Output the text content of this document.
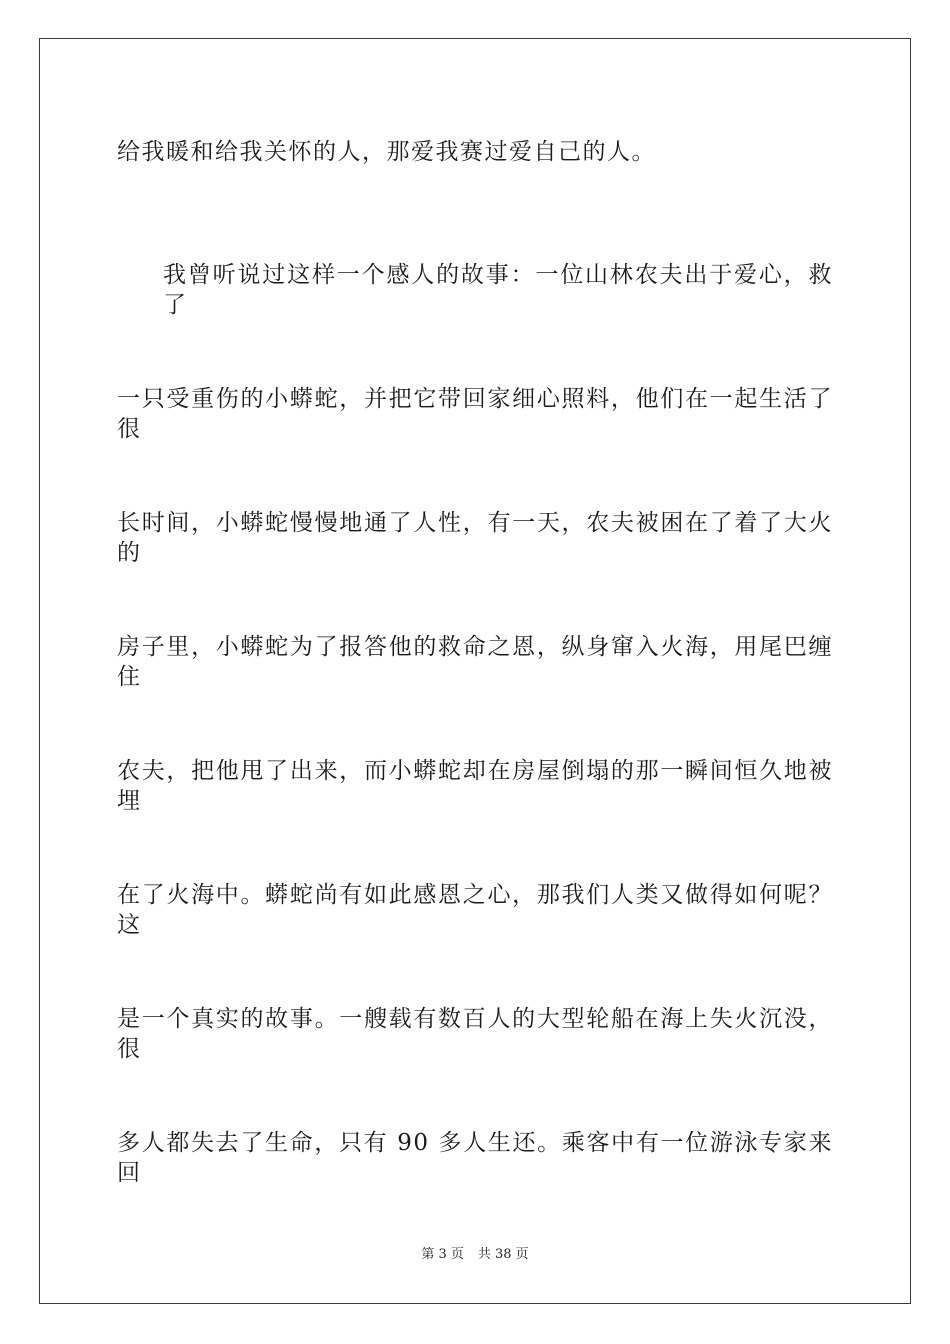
给我暖和给我关怀的人，那爱我赛过爱自己的人。
我曾听说过这样一个感人的故事：一位山林农夫出于爱心，救了
一只受重伤的小蟒蛇，并把它带回家细心照料，他们在一起生活了很
长时间，小蟒蛇慢慢地通了人性，有一天，农夫被困在了着了大火的
房子里，小蟒蛇为了报答他的救命之恩，纵身窜入火海，用尾巴缠住
农夫，把他甩了出来，而小蟒蛇却在房屋倒塌的那一瞬间恒久地被埋
在了火海中。蟒蛇尚有如此感恩之心，那我们人类又做得如何呢？这
是一个真实的故事。一艘载有数百人的大型轮船在海上失火沉没，很
多人都失去了生命，只有 90 多人生还。乘客中有一位游泳专家来回
第 3 页 共 38 页
